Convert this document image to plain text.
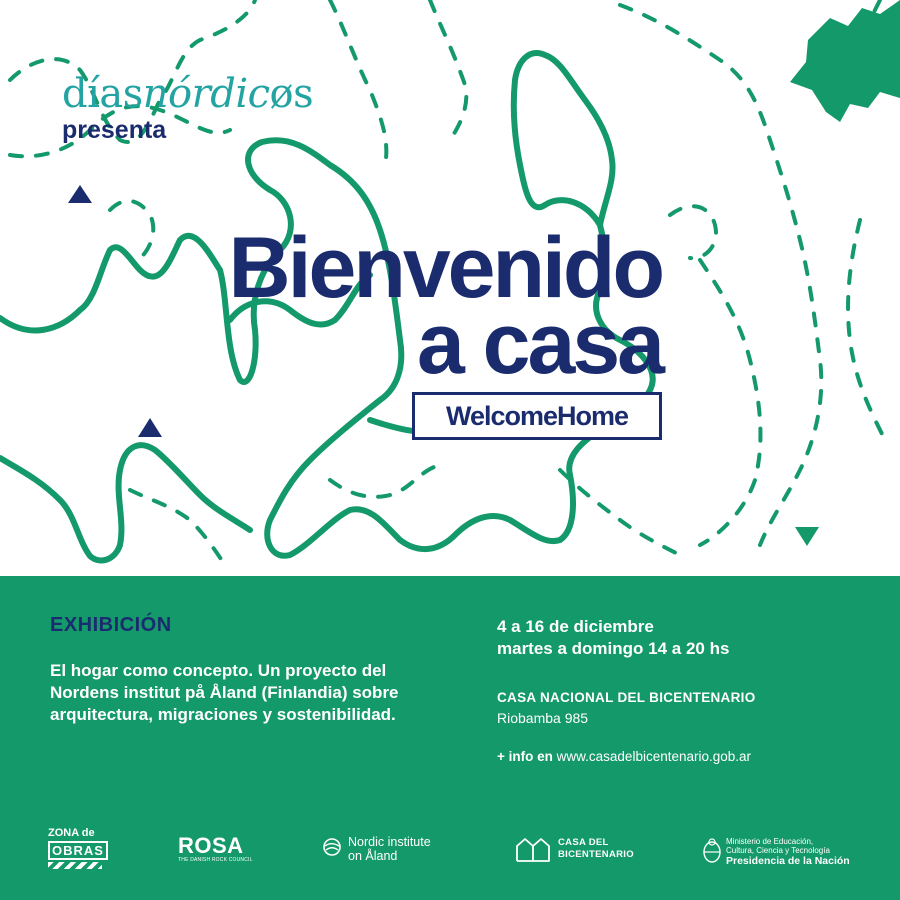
díasnórdicøs
presenta
Bienvenido
a casa
WelcomeHome
EXHIBICIÓN
El hogar como concepto. Un proyecto del
Nordens institut på Åland (Finlandia) sobre
arquitectura, migraciones y sostenibilidad.
4 a 16 de diciembre
martes a domingo 14 a 20 hs
CASA NACIONAL DEL BICENTENARIO
Riobamba 985
+ info en www.casadelbicentenario.gob.ar
ZONA de
OBRAS	ROSA
THE DANISH ROCK COUNCIL
Nordic institute
on Åland
CASA DEL
BICENTENARIO
Ministerio de Educación,
Cultura, Ciencia y Tecnología
Presidencia de la Nación
